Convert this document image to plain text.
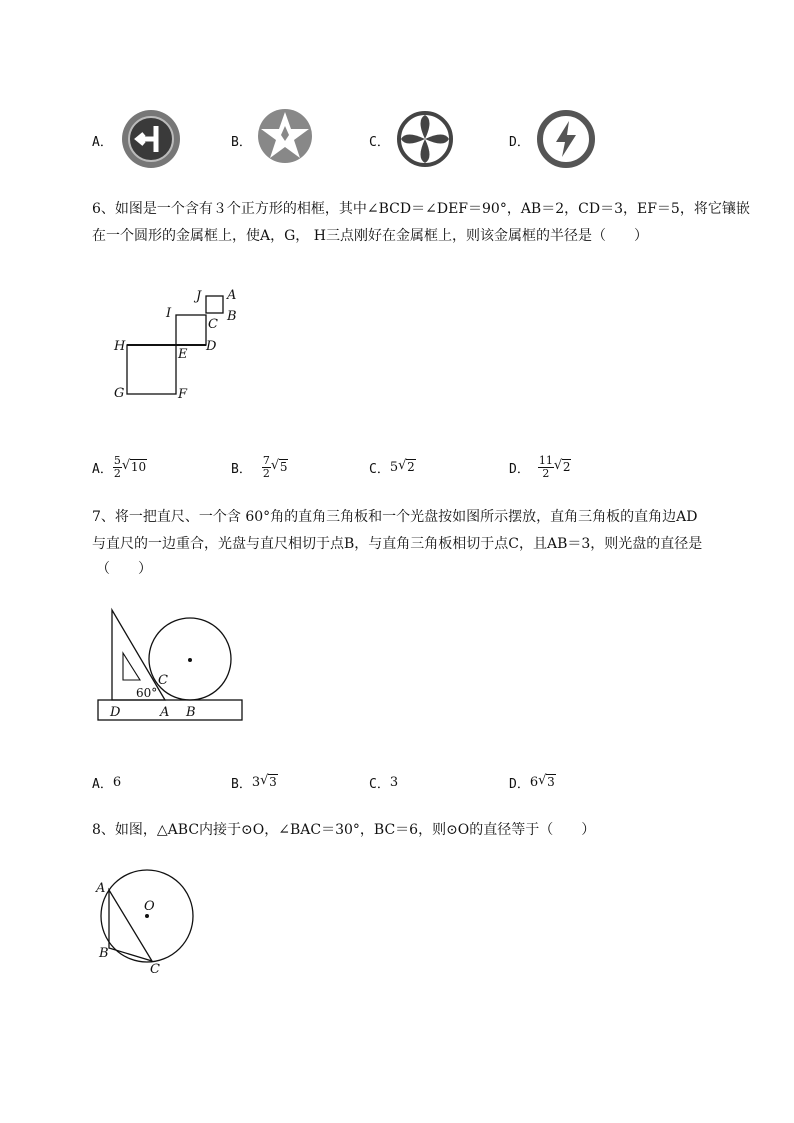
A．	B．	C．	D．
6、如图是一个含有３个正方形的相框，其中∠BCD＝∠DEF＝90°，AB＝2，CD＝3，EF＝5，将它镶嵌
在一个圆形的金属框上，使A，G， H三点刚好在金属框上，则该金属框的半径是（　　）
J A
I
C
B
H
E
D
G	F
A． $\frac{5}{2}$ √ 10	B． $\frac{7}{2}$ √ 5	C． 5 √ 2	D． $\frac{11}{2}$ √ 2
7、将一把直尺、一个含 60°角的直角三角板和一个光盘按如图所示摆放，直角三角板的直角边AD
与直尺的一边重合，光盘与直尺相切于点B，与直角三角板相切于点C，且AB＝3，则光盘的直径是
（　　）
C
60°
D	A B
A． 6	B． 3 √ 3	C． 3	D． 6 √ 3
8、如图，△ABC内接于⊙O，∠BAC＝30°，BC＝6，则⊙O的直径等于（　　）
A
O
B
C
